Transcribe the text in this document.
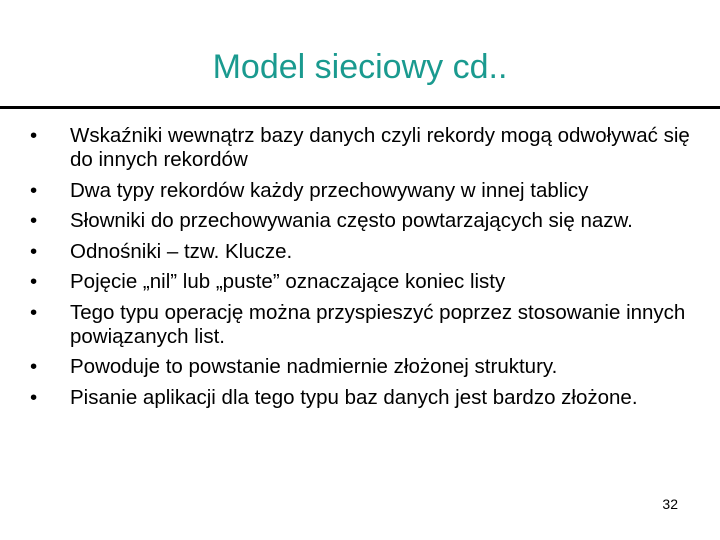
Model sieciowy cd..
• Wskaźniki wewnątrz bazy danych czyli rekordy mogą odwoływać się do innych rekordów
• Dwa typy rekordów każdy przechowywany w innej tablicy
• Słowniki do przechowywania często powtarzających się nazw.
• Odnośniki – tzw. Klucze.
• Pojęcie „nil” lub „puste” oznaczające koniec listy
• Tego typu operację można przyspieszyć poprzez stosowanie innych powiązanych list.
• Powoduje to powstanie nadmiernie złożonej struktury.
• Pisanie aplikacji dla tego typu baz danych jest bardzo złożone.
32
